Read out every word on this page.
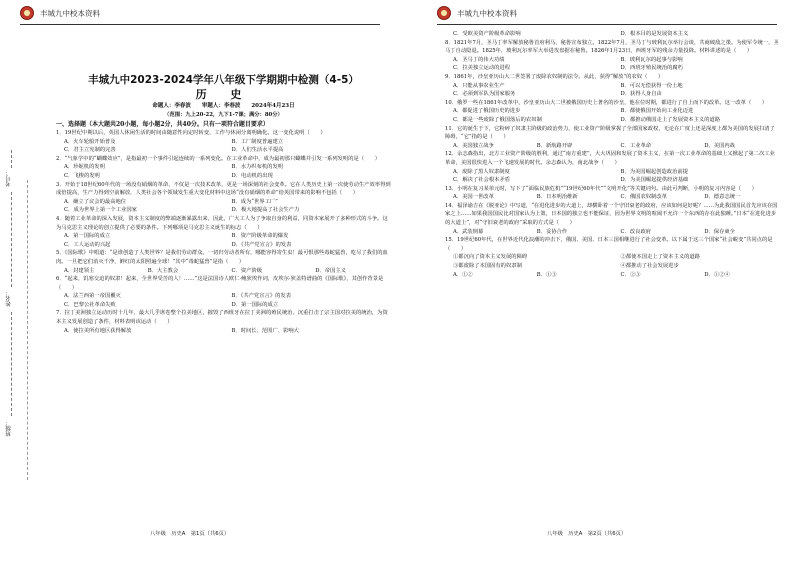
丰城九中校本资料
考号：
姓名：
班级：
丰城九中2023-2024学年八年级下学期期中检测（4-5）
历 史
命题人：李春波　　审题人：李春波　　2024年4月23日
（范围：九上20-22，九下1-7课；满分：80分）
一、选择题（本大题共20小题，每小题2分，共40分。只有一项符合题目要求）
1．19世纪中期以后，英国人休闲生活的时间由随意性向定时转变，工作与休闲分离明确化。这一变化说明（　　）
A．火车轮船开始普及	B．工厂制度普遍建立
C．君主立宪制的完善	D．人们生活水平提高
2．“气象学中的“蝴蝶效应”，是指最初一个事件引起连续的一系列变化。在工业革命中，成为最初那只蝴蝶并引发一系列发明的是（　　）
A．珍妮机的发明	B．水力织布机的发明
C．飞梭的发明	D．电动机的出现
3．开始于18世纪60年代的一场没有硝烟的革命，不仅是一次技术改革，更是一场深刻的社会变革。它在人类历史上第一次使劳动生产效率得到成倍提高，生产力得到空前解放，人类社会各个领域发生重大变化材料中这场“没有硝烟的革命”给英国带来的影响不包括（　　）
A．确立了议会的最高地位	B．成为“世界工厂”
C．成为世界上第一个工业国家	D．极大地提高了社会生产力
4．随着工业革命的深入发展，资本主义制度的弊端逐渐暴露出来，因此，广大工人为了争取自身的利益，同资本家展开了多种形式的斗争。这为马克思主义理论的创立提供了必要的条件。下列哪项是马克思主义诞生的标志（　　）
A．第一国际的成立	B．资产阶级革命的爆发
C．工人运动的兴起	D．《共产党宣言》的发表
5．《国际歌》中唱道：“是谁创造了人类世界？是我们劳动群众。一切归劳动者所有，哪能容得寄生虫！最可恨那些毒蛇猛兽，吃尽了我们的血肉。一旦把它们消灭干净，鲜红的太阳照遍全球！”其中“毒蛇猛兽”是指（　　）
A．封建领主	B．大主教会	C．资产阶级	D．帝国主义
6．“起来，饥寒交迫的奴隶！起来，全世界受苦的人！……”这是法国诗人欧仁·鲍狄埃作词，皮埃尔·狄盖特谱曲的《国际歌》，其创作背景是（　　）
A．法兰西第一帝国覆灭	B．《共产党宣言》的发表
C．巴黎公社革命失败	D．第一国际的成立
7．拉丁美洲独立运动历时十几年，最大几乎席卷整个拉美地区，摧毁了西班牙在拉丁美洲的殖民统治，沉重打击了宗主国对拉美的统治，为资本主义发展创造了条件，材料表明该运动（　　）
A．使拉美所有地区获得解放	B．时间长、范围广、影响大
八年级　历史A　第1页（共6页）
丰城九中校本资料
C．受欧美资产阶级革命影响	D．根本目的是发展资本主义
8．1821年7月，圣马丁率军解放秘鲁首府利马，秘鲁宣布独立。1822年7月，圣马丁与玻利瓦尔举行会谈，共商破敌之策。为使军令统一，圣马丁自动隐退。1825年，玻利瓦尔率军大举进攻盘据在秘鲁。1826年1月23日，西班牙军的残余力量投降。材料讲述的是（　　）
A．圣马丁的伟大功绩	B．玻利瓦尔的起事与影响
C．拉美独立运动的进程	D．西班牙殖民统治的腐朽
9．1861年，沙皇亚历山大二世签署了废除农奴制的法令。从此，获得“解放”的农奴（　　）
A．只能从事农业生产	B．可以无偿获得一份土地
C．必须到军队为国家服务	D．获得人身自由
10．俄罗一些在1861年改革中，沙皇亚历山大二世被俄国历史上著名的沙皇，他在位时期，都进行了自上而下的改革。这一改革（　　）
A．都促进了俄国历史的进步	B．都使俄国开始向工业化迈进
C．都是一些废除了俄国落后的农奴制	D．都推动俄国走上了发展资本主义的道路
11．它的诞生于下，它粉碎了奴隶主阶级的政治势力，使工业资产阶级掌握了全部国家政权，无论在广度上还是深度上都为美国的发展扫清了障碍，“它”指的是（　　）
A．美国独立战争	B．新航路开辟	C．工业革命	D．美国内战
12．余志森指出，北方工业资产阶级的胜利，通过“南方重建”，大大巩固和发展了资本主义，在第一次工业革命的基础上又掀起了第二次工业革命，美国很快进入一个飞速发展的时代。余志森认为，南北战争（　　）
A．废除了黑人奴隶制度	B．为美国崛起创造政治前提
C．解决了社会根本矛盾	D．为美国崛起提供经济基础
13．小明在复习某单元时，写下了“面临民族危机”“19世纪60年代”“文明开化”等关键词句。由此可判断，小明的复习内容是（　　）
A．美国一世改革	B．日本明治维新	C．俄国农奴制改革	D．德意志统一
14．福泽谕吉在《脱亚论》中写道，“在进化进步的大道上，却横卧着一个守旧衰老的政府，应该如何是好呢？……为此我国国民首先应该在国家之上……如果我国国民比对国家认为上策，日本国的独立也不能保证，因为世界文明的喧闹不允许一个东西的存在此独睡。”日本“在进化进步的大道上”，对“守旧衰老的政府”采取的方式是（　　）
A．武装倒幕	B．妥协合作	C．改良政府	D．保存東全
15．19世纪60年代，在世界近代化浪潮的冲击下，俄国、美国、日本三国相继进行了社会变革。以下属于这三个国家“社会蜕变”共同点的是（　　）
①都沉向了资本主义发展的障碍	②都使本国走上了资本主义的道路
③都废除了本国固有的奴隶制	④都推动了社会发展进步
A．①②	B．①③	C．②③	D．①②④
八年级　历史A　第2页（共6页）
